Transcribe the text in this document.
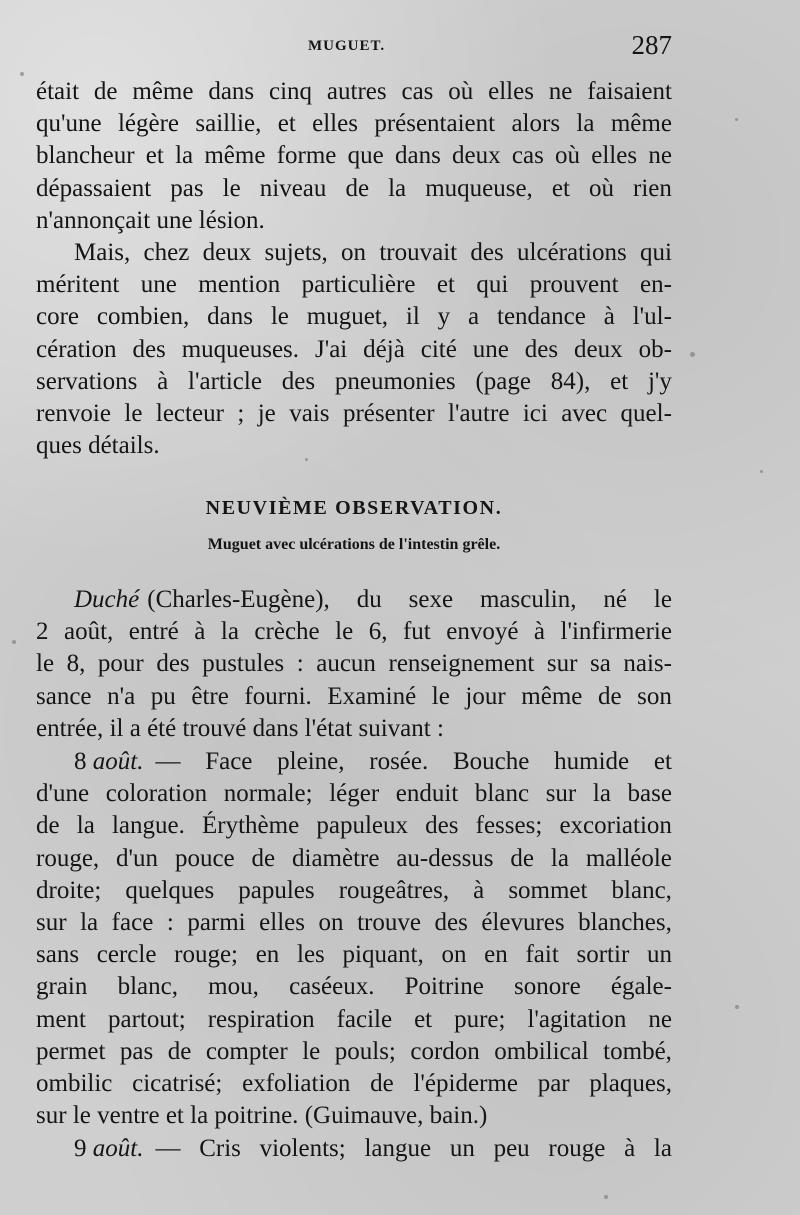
MUGUET.	287
était de même dans cinq autres cas où elles ne faisaient
qu'une légère saillie, et elles présentaient alors la même
blancheur et la même forme que dans deux cas où elles ne
dépassaient pas le niveau de la muqueuse, et où rien
n'annonçait une lésion.
Mais, chez deux sujets, on trouvait des ulcérations qui
méritent une mention particulière et qui prouvent en-
core combien, dans le muguet, il y a tendance à l'ul-
cération des muqueuses. J'ai déjà cité une des deux ob-
servations à l'article des pneumonies (page 84), et j'y
renvoie le lecteur ; je vais présenter l'autre ici avec quel-
ques détails.
NEUVIÈME OBSERVATION.
Muguet avec ulcérations de l'intestin grêle.
Duché (Charles-Eugène), du sexe masculin, né le
2 août, entré à la crèche le 6, fut envoyé à l'infirmerie
le 8, pour des pustules : aucun renseignement sur sa nais-
sance n'a pu être fourni. Examiné le jour même de son
entrée, il a été trouvé dans l'état suivant :
8 août. — Face pleine, rosée. Bouche humide et
d'une coloration normale; léger enduit blanc sur la base
de la langue. Érythème papuleux des fesses; excoriation
rouge, d'un pouce de diamètre au-dessus de la malléole
droite; quelques papules rougeâtres, à sommet blanc,
sur la face : parmi elles on trouve des élevures blanches,
sans cercle rouge; en les piquant, on en fait sortir un
grain blanc, mou, caséeux. Poitrine sonore égale-
ment partout; respiration facile et pure; l'agitation ne
permet pas de compter le pouls; cordon ombilical tombé,
ombilic cicatrisé; exfoliation de l'épiderme par plaques,
sur le ventre et la poitrine. (Guimauve, bain.)
9 août. — Cris violents; langue un peu rouge à la
